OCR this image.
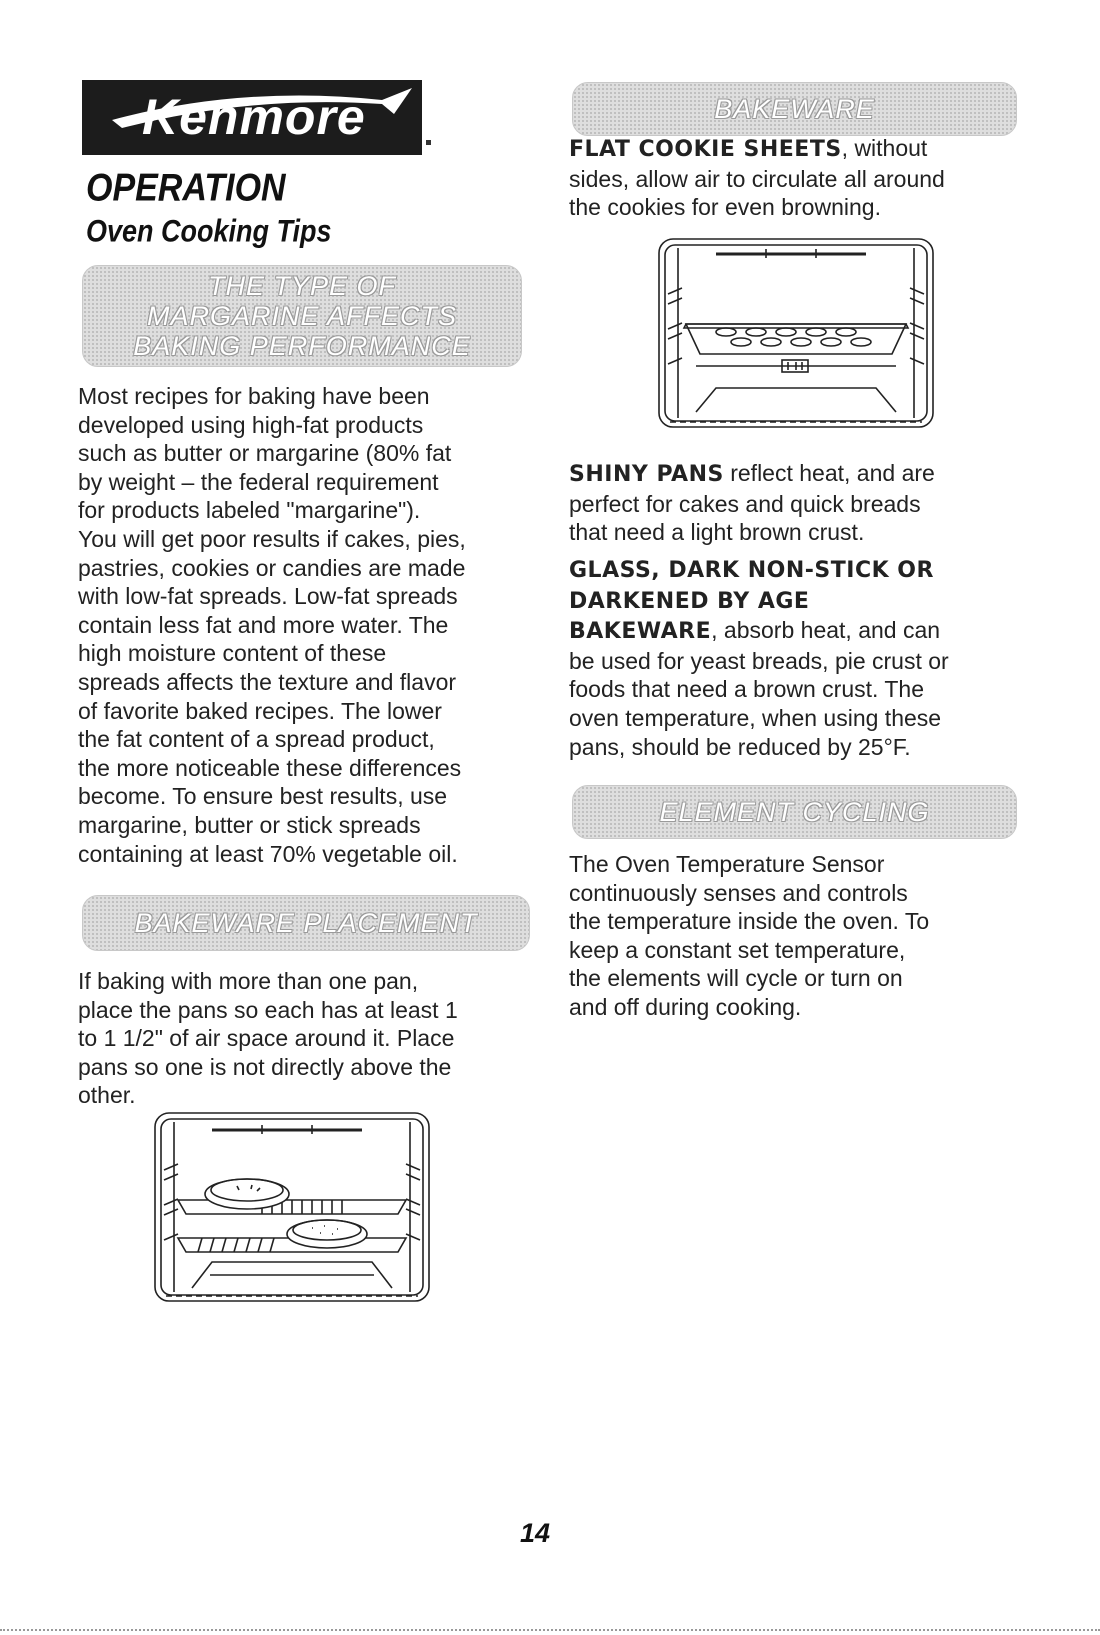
Kenmore
OPERATION
Oven Cooking Tips
THE TYPE OF
MARGARINE AFFECTS
BAKING PERFORMANCE
Most recipes for baking have been
developed using high-fat products
such as butter or margarine (80% fat
by weight – the federal requirement
for products labeled "margarine").
You will get poor results if cakes, pies,
pastries, cookies or candies are made
with low-fat spreads. Low-fat spreads
contain less fat and more water. The
high moisture content of these
spreads affects the texture and flavor
of favorite baked recipes. The lower
the fat content of a spread product,
the more noticeable these differences
become. To ensure best results, use
margarine, butter or stick spreads
containing at least 70% vegetable oil.
BAKEWARE PLACEMENT
If baking with more than one pan,
place the pans so each has at least 1
to 1 1/2" of air space around it. Place
pans so one is not directly above the
other.
BAKEWARE
FLAT COOKIE SHEETS, without
sides, allow air to circulate all around
the cookies for even browning.
SHINY PANS reflect heat, and are
perfect for cakes and quick breads
that need a light brown crust.
GLASS, DARK NON-STICK OR
DARKENED BY AGE
BAKEWARE, absorb heat, and can
be used for yeast breads, pie crust or
foods that need a brown crust. The
oven temperature, when using these
pans, should be reduced by 25°F.
ELEMENT CYCLING
The Oven Temperature Sensor
continuously senses and controls
the temperature inside the oven. To
keep a constant set temperature,
the elements will cycle or turn on
and off during cooking.
14
